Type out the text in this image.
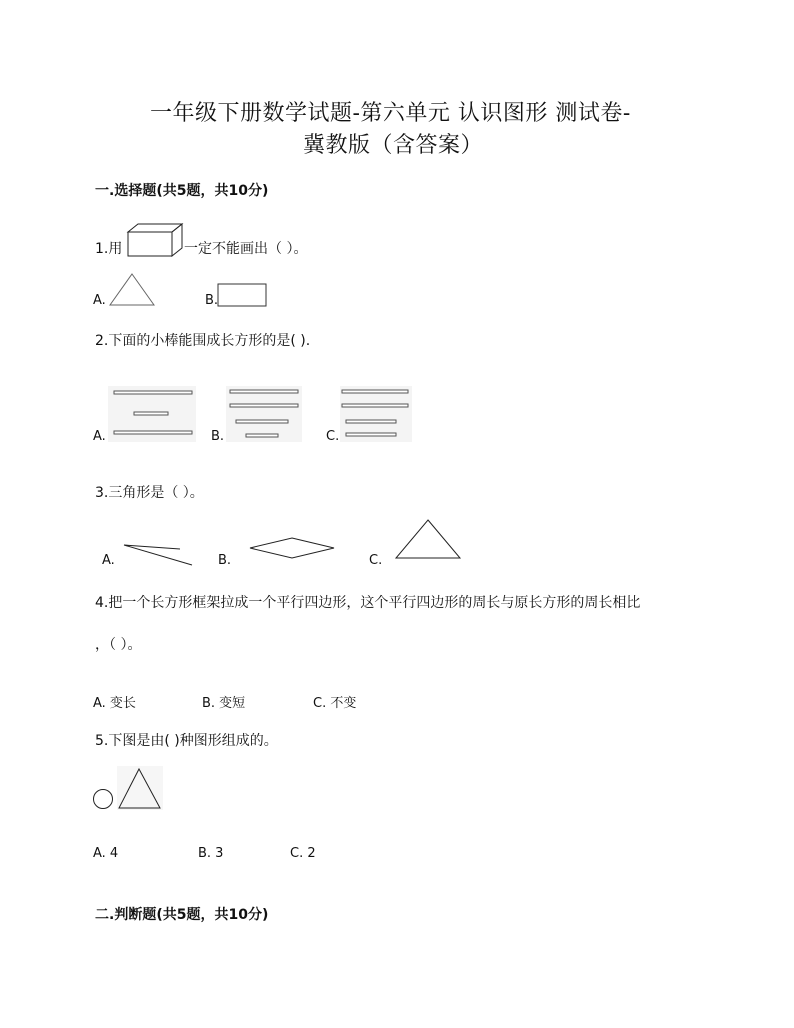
一年级下册数学试题-第六单元 认识图形 测试卷-
冀教版（含答案）
一.选择题(共5题，共10分)
1.用	一定不能画出（ ）。
A.	B.
2.下面的小棒能围成长方形的是( ).
A.	B.	C.
3.三角形是（ ）。
A.	B.	C.
4.把一个长方形框架拉成一个平行四边形，这个平行四边形的周长与原长方形的周长相比
，（ ）。
A. 变长	B. 变短	C. 不变
5.下图是由( )种图形组成的。
A. 4	B. 3	C. 2
二.判断题(共5题，共10分)
